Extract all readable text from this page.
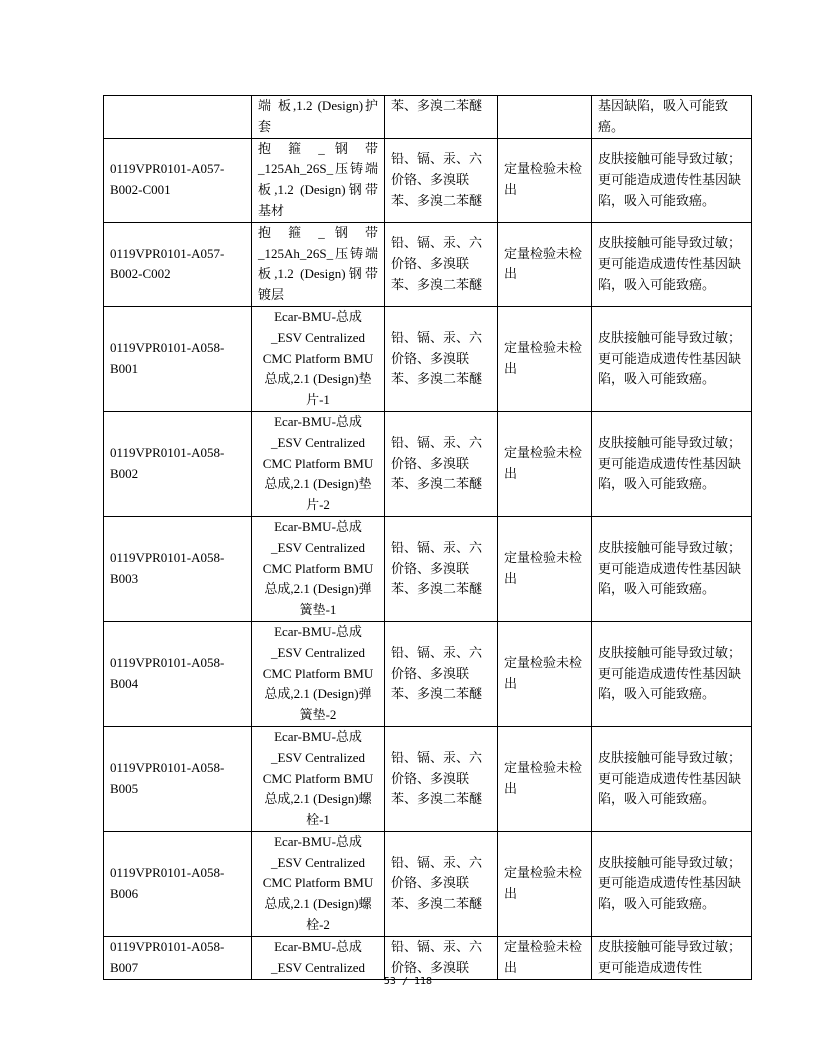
	端 板,1.2 (Design)护套	苯、多溴二苯醚		基因缺陷，吸入可能致癌。
0119VPR0101-A057-B002-C001	抱 箍 _ 钢 带 _125Ah_26S_压铸端 板,1.2 (Design)钢带基材	铅、镉、汞、六价铬、多溴联苯、多溴二苯醚	定量检验未检出	皮肤接触可能导致过敏；更可能造成遗传性基因缺陷，吸入可能致癌。
0119VPR0101-A057-B002-C002	抱 箍 _ 钢 带 _125Ah_26S_压铸端 板,1.2 (Design)钢带镀层	铅、镉、汞、六价铬、多溴联苯、多溴二苯醚	定量检验未检出	皮肤接触可能导致过敏；更可能造成遗传性基因缺陷，吸入可能致癌。
0119VPR0101-A058-B001	Ecar-BMU-总成 _ESV Centralized CMC Platform BMU 总成,2.1 (Design)垫片-1	铅、镉、汞、六价铬、多溴联苯、多溴二苯醚	定量检验未检出	皮肤接触可能导致过敏；更可能造成遗传性基因缺陷，吸入可能致癌。
0119VPR0101-A058-B002	Ecar-BMU-总成 _ESV Centralized CMC Platform BMU 总成,2.1 (Design)垫片-2	铅、镉、汞、六价铬、多溴联苯、多溴二苯醚	定量检验未检出	皮肤接触可能导致过敏；更可能造成遗传性基因缺陷，吸入可能致癌。
0119VPR0101-A058-B003	Ecar-BMU-总成 _ESV Centralized CMC Platform BMU 总成,2.1 (Design)弹簧垫-1	铅、镉、汞、六价铬、多溴联苯、多溴二苯醚	定量检验未检出	皮肤接触可能导致过敏；更可能造成遗传性基因缺陷，吸入可能致癌。
0119VPR0101-A058-B004	Ecar-BMU-总成 _ESV Centralized CMC Platform BMU 总成,2.1 (Design)弹簧垫-2	铅、镉、汞、六价铬、多溴联苯、多溴二苯醚	定量检验未检出	皮肤接触可能导致过敏；更可能造成遗传性基因缺陷，吸入可能致癌。
0119VPR0101-A058-B005	Ecar-BMU-总成 _ESV Centralized CMC Platform BMU 总成,2.1 (Design)螺栓-1	铅、镉、汞、六价铬、多溴联苯、多溴二苯醚	定量检验未检出	皮肤接触可能导致过敏；更可能造成遗传性基因缺陷，吸入可能致癌。
0119VPR0101-A058-B006	Ecar-BMU-总成 _ESV Centralized CMC Platform BMU 总成,2.1 (Design)螺栓-2	铅、镉、汞、六价铬、多溴联苯、多溴二苯醚	定量检验未检出	皮肤接触可能导致过敏；更可能造成遗传性基因缺陷，吸入可能致癌。
0119VPR0101-A058-B007	Ecar-BMU-总成 _ESV Centralized	铅、镉、汞、六价铬、多溴联	定量检验未检出	皮肤接触可能导致过敏；更可能造成遗传性
53 / 118
